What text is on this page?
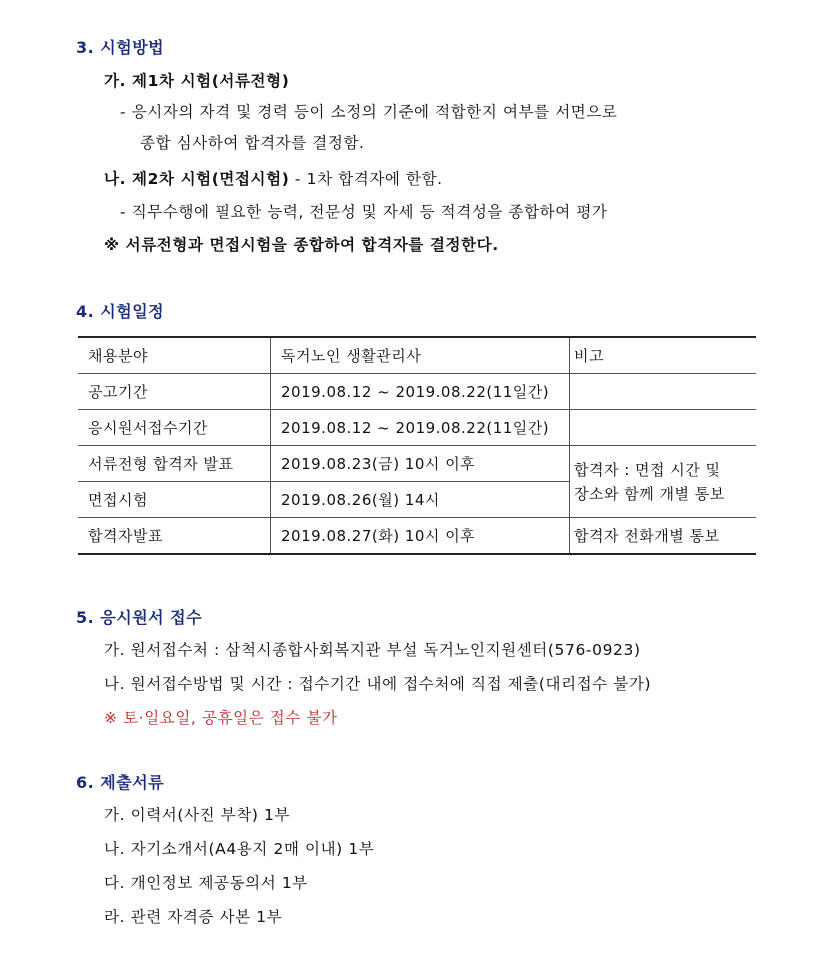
3. 시험방법
가. 제1차 시험(서류전형)
- 응시자의 자격 및 경력 등이 소정의 기준에 적합한지 여부를 서면으로
종합 심사하여 합격자를 결정함.
나. 제2차 시험(면접시험) - 1차 합격자에 한함.
- 직무수행에 필요한 능력, 전문성 및 자세 등 적격성을 종합하여 평가
※ 서류전형과 면접시험을 종합하여 합격자를 결정한다.
4. 시험일정
채용분야	독거노인 생활관리사	비고
공고기간	2019.08.12 ~ 2019.08.22(11일간)	
응시원서접수기간	2019.08.12 ~ 2019.08.22(11일간)	
서류전형 합격자 발표	2019.08.23(금) 10시 이후	합격자 : 면접 시간 및
장소와 함께 개별 통보

면접시험	2019.08.26(월) 14시	
합격자발표	2019.08.27(화) 10시 이후	합격자 전화개별 통보
5. 응시원서 접수
가. 원서접수처 : 삼척시종합사회복지관 부설 독거노인지원센터(576-0923)
나. 원서접수방법 및 시간 : 접수기간 내에 접수처에 직접 제출(대리접수 불가)
※ 토·일요일, 공휴일은 접수 불가
6. 제출서류
가. 이력서(사진 부착) 1부
나. 자기소개서(A4용지 2매 이내) 1부
다. 개인정보 제공동의서 1부
라. 관련 자격증 사본 1부
